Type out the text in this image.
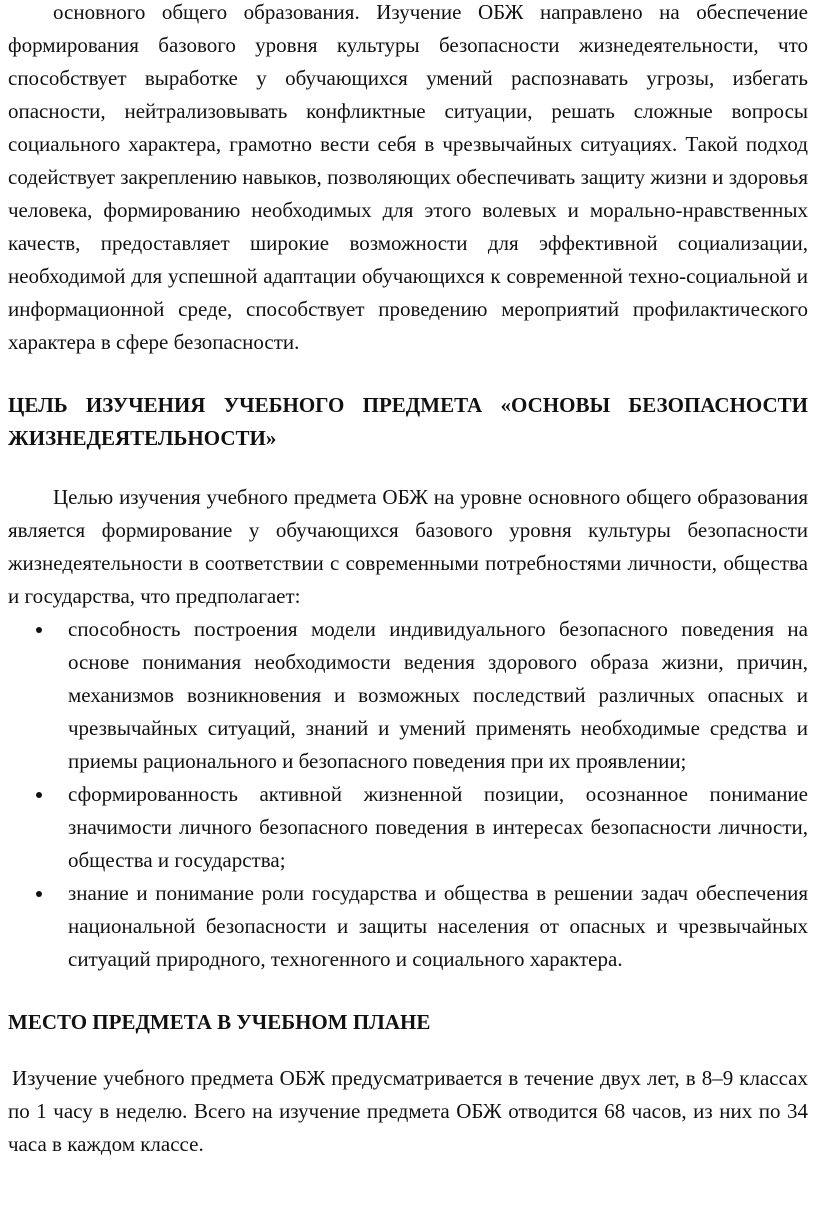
основного общего образования. Изучение ОБЖ направлено на обеспечение формирования базового уровня культуры безопасности жизнедеятельности, что способствует выработке у обучающихся умений распознавать угрозы, избегать опасности, нейтрализовывать конфликтные ситуации, решать сложные вопросы социального характера, грамотно вести себя в чрезвычайных ситуациях. Такой подход содействует закреплению навыков, позволяющих обеспечивать защиту жизни и здоровья человека, формированию необходимых для этого волевых и морально-нравственных качеств, предоставляет широкие возможности для эффективной социализации, необходимой для успешной адаптации обучающихся к современной техно-социальной и информационной среде, способствует проведению мероприятий профилактического характера в сфере безопасности.

ЦЕЛЬ ИЗУЧЕНИЯ УЧЕБНОГО ПРЕДМЕТА «ОСНОВЫ БЕЗОПАСНОСТИ ЖИЗНЕДЕЯТЕЛЬНОСТИ»

Целью изучения учебного предмета ОБЖ на уровне основного общего образования является формирование у обучающихся базового уровня культуры безопасности жизнедеятельности в соответствии с современными потребностями личности, общества и государства, что предполагает:

способность построения модели индивидуального безопасного поведения на основе понимания необходимости ведения здорового образа жизни, причин, механизмов возникновения и возможных последствий различных опасных и чрезвычайных ситуаций, знаний и умений применять необходимые средства и приемы рационального и безопасного поведения при их проявлении;
сформированность активной жизненной позиции, осознанное понимание значимости личного безопасного поведения в интересах безопасности личности, общества и государства;
знание и понимание роли государства и общества в решении задач обеспечения национальной безопасности и защиты населения от опасных и чрезвычайных ситуаций природного, техногенного и социального характера.

МЕСТО ПРЕДМЕТА В УЧЕБНОМ ПЛАНЕ

Изучение учебного предмета ОБЖ предусматривается в течение двух лет, в 8–9 классах по 1 часу в неделю. Всего на изучение предмета ОБЖ отводится 68 часов, из них по 34 часа в каждом классе.
